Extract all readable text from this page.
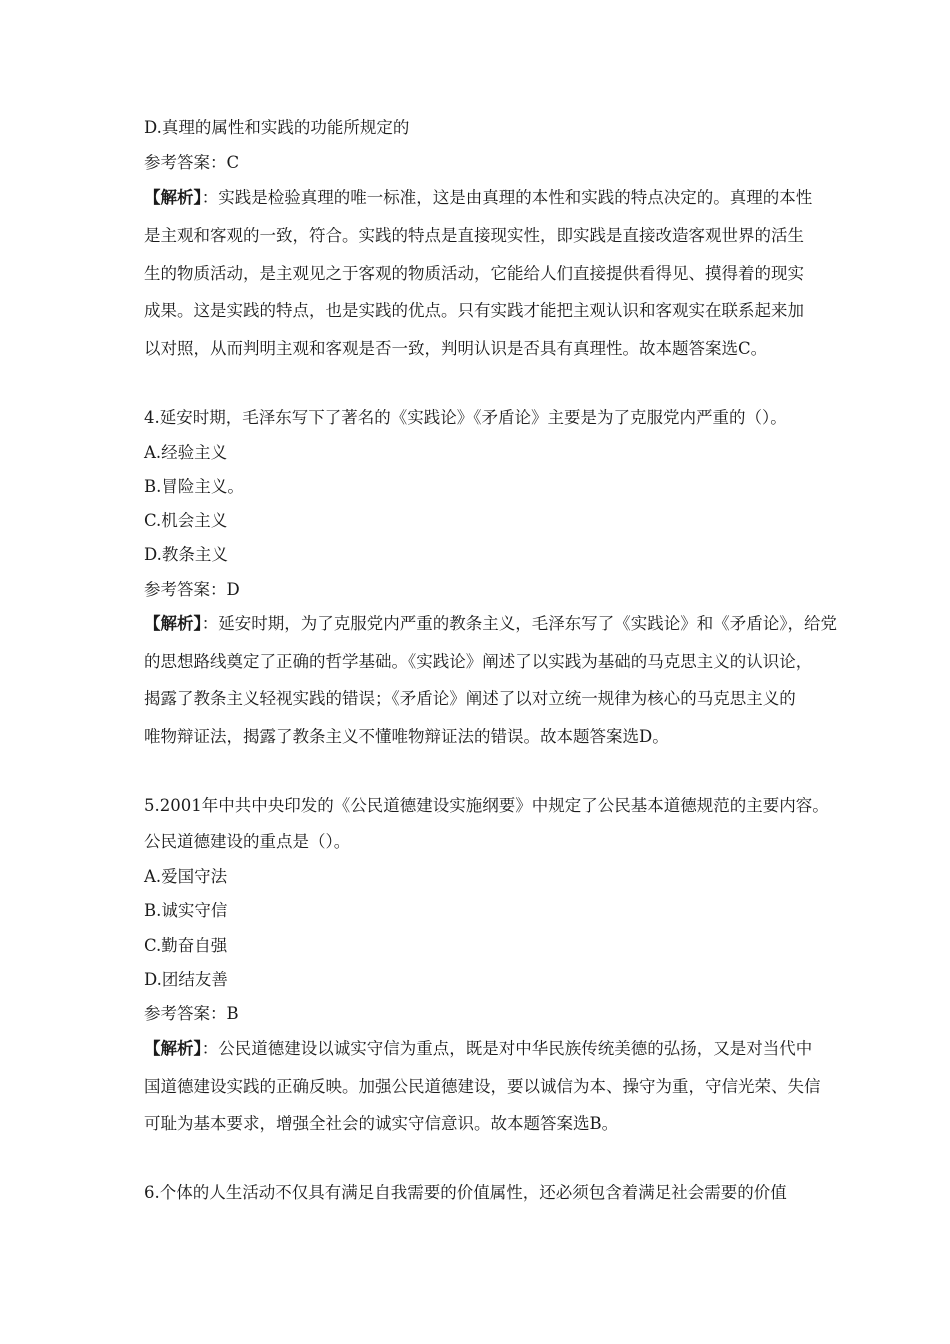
D.真理的属性和实践的功能所规定的

参考答案：C

【解析】：实践是检验真理的唯一标准，这是由真理的本性和实践的特点决定的。真理的本性

是主观和客观的一致，符合。实践的特点是直接现实性，即实践是直接改造客观世界的活生

生的物质活动，是主观见之于客观的物质活动，它能给人们直接提供看得见、摸得着的现实

成果。这是实践的特点，也是实践的优点。只有实践才能把主观认识和客观实在联系起来加

以对照，从而判明主观和客观是否一致，判明认识是否具有真理性。故本题答案选C。

4.延安时期，毛泽东写下了著名的《实践论》《矛盾论》主要是为了克服党内严重的（）。

A.经验主义

B.冒险主义。

C.机会主义

D.教条主义

参考答案：D

【解析】：延安时期，为了克服党内严重的教条主义，毛泽东写了《实践论》和《矛盾论》，给党

的思想路线奠定了正确的哲学基础。《实践论》阐述了以实践为基础的马克思主义的认识论，

揭露了教条主义轻视实践的错误；《矛盾论》阐述了以对立统一规律为核心的马克思主义的

唯物辩证法，揭露了教条主义不懂唯物辩证法的错误。故本题答案选D。

5.2001年中共中央印发的《公民道德建设实施纲要》中规定了公民基本道德规范的主要内容。

公民道德建设的重点是（）。

A.爱国守法

B.诚实守信

C.勤奋自强

D.团结友善

参考答案：B

【解析】：公民道德建设以诚实守信为重点，既是对中华民族传统美德的弘扬，又是对当代中

国道德建设实践的正确反映。加强公民道德建设，要以诚信为本、操守为重，守信光荣、失信

可耻为基本要求，增强全社会的诚实守信意识。故本题答案选B。

6.个体的人生活动不仅具有满足自我需要的价值属性，还必须包含着满足社会需要的价值
